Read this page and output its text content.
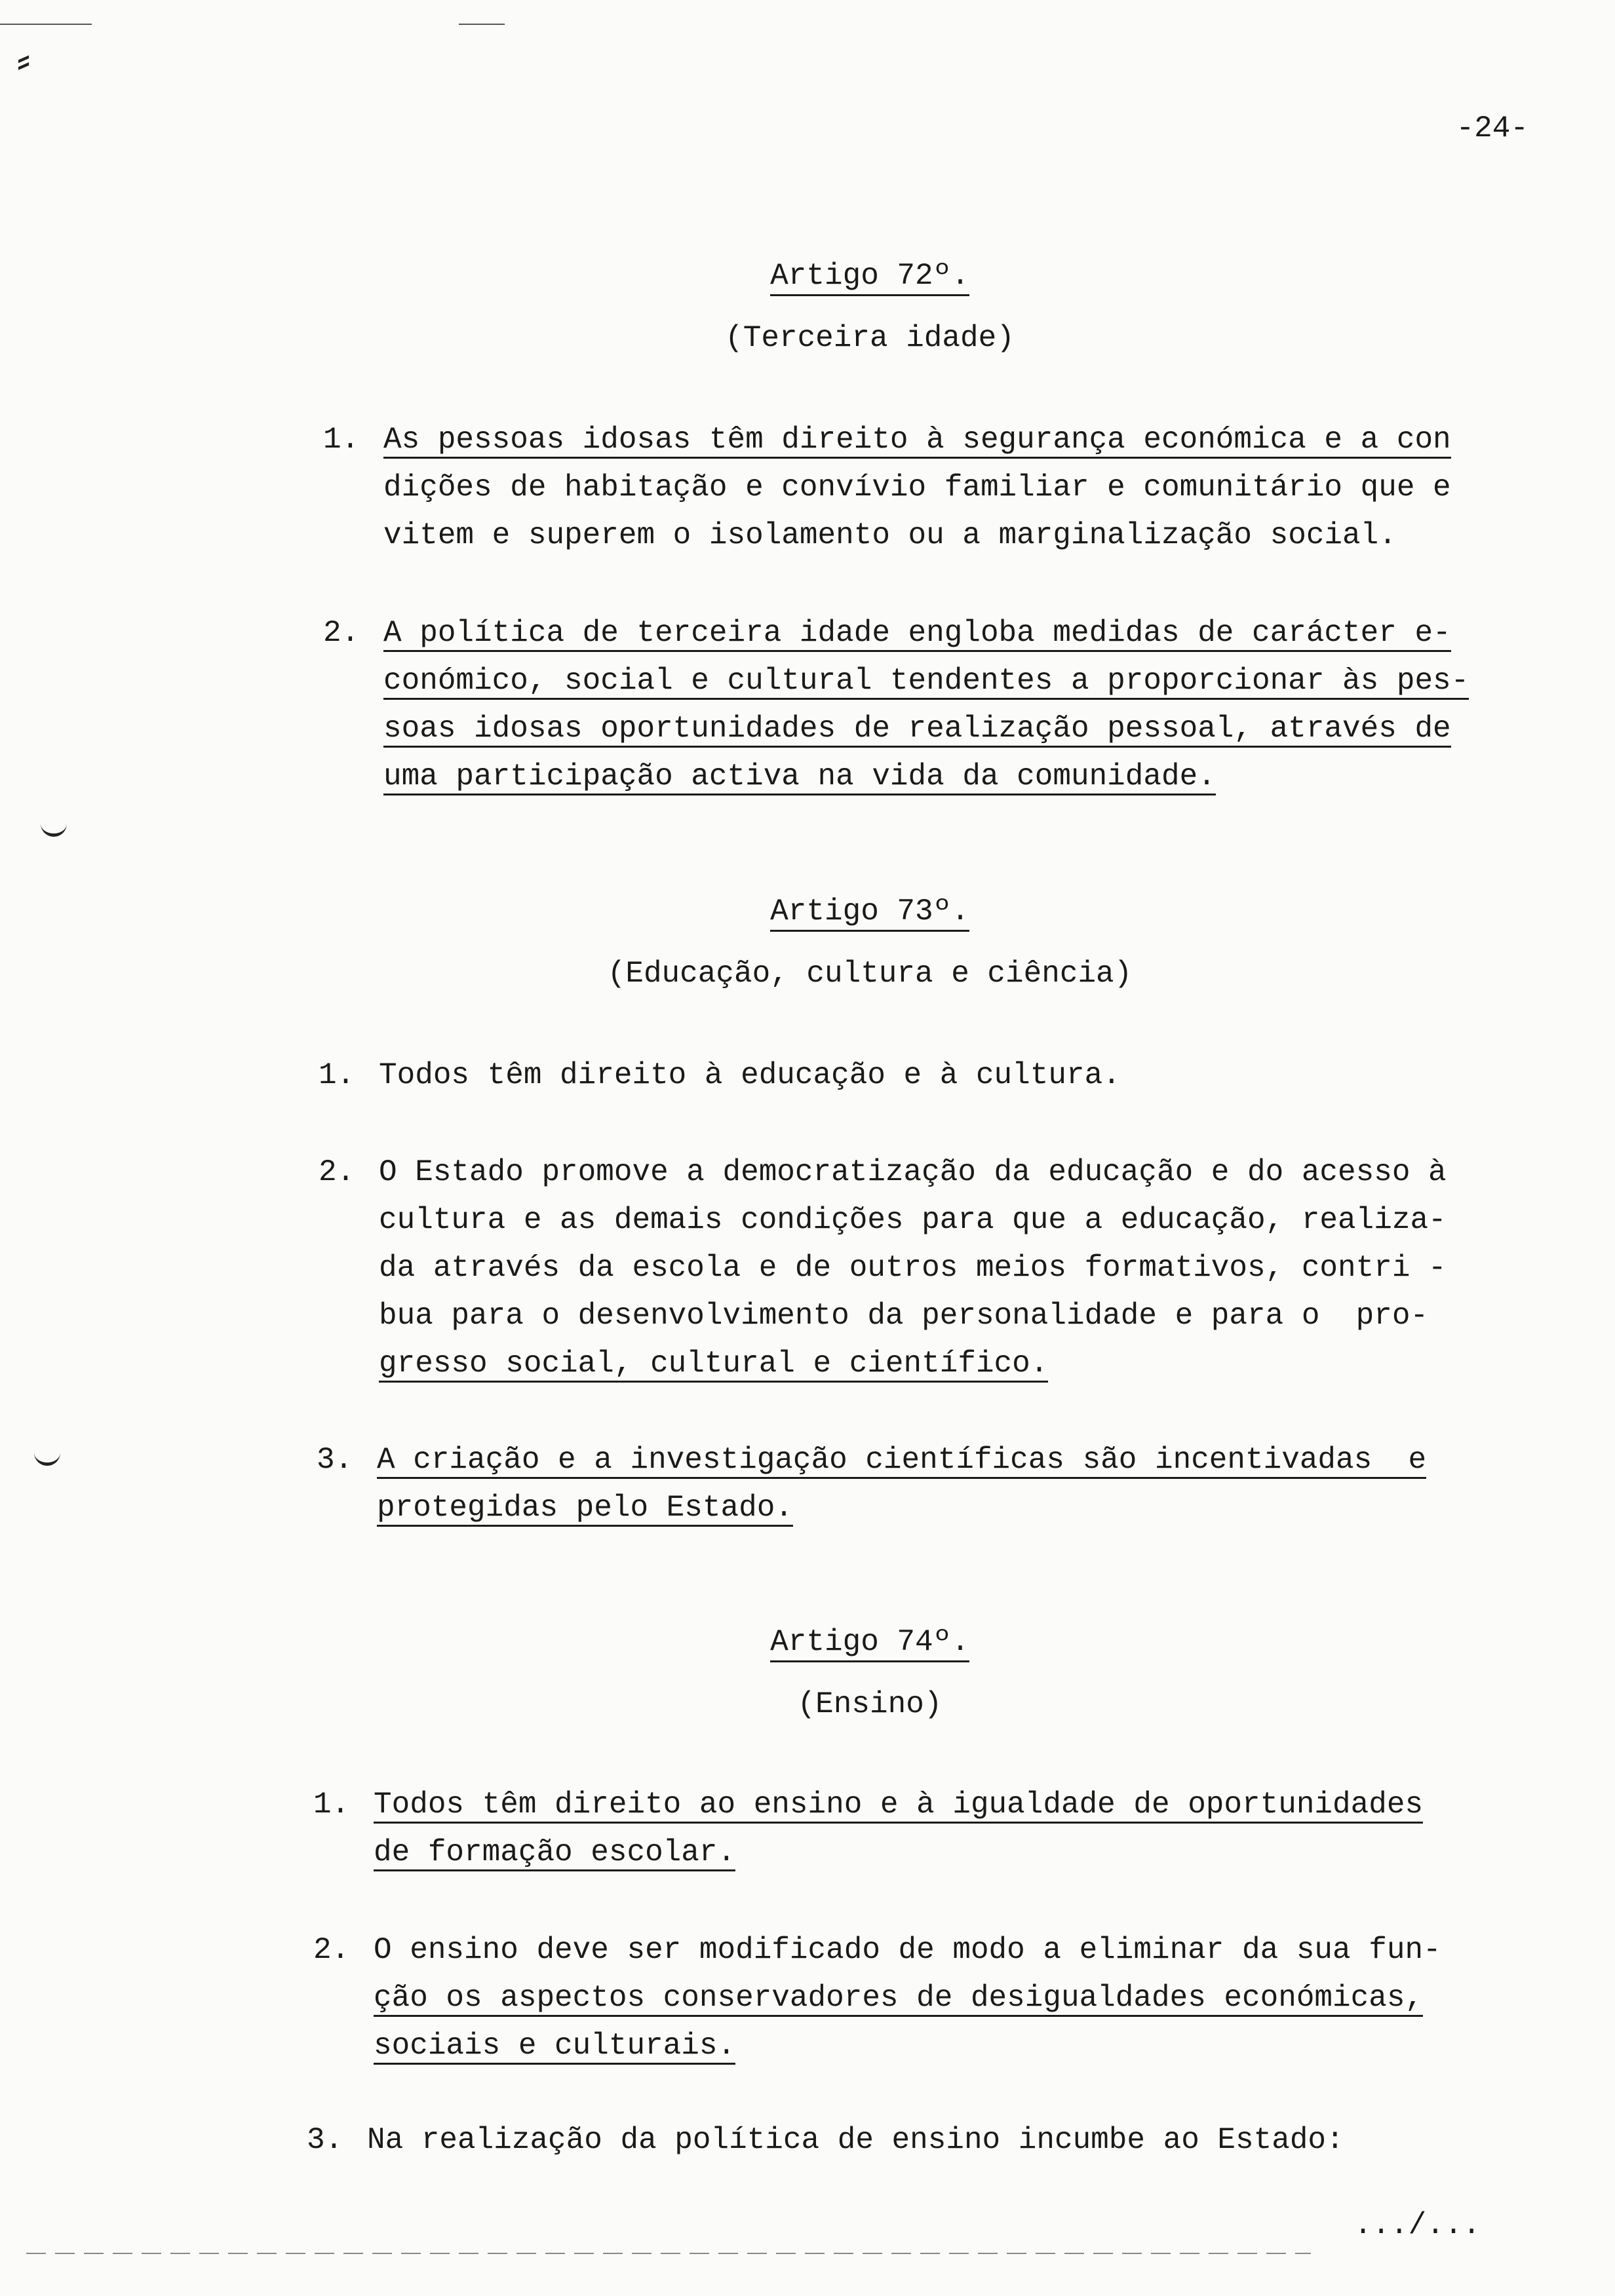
⸗
-24-
Artigo 72º.
(Terceira idade)
1. As pessoas idosas têm direito à segurança económica e a con
dições de habitação e convívio familiar e comunitário que e
vitem e superem o isolamento ou a marginalização social.
2. A política de terceira idade engloba medidas de carácter e-
conómico, social e cultural tendentes a proporcionar às pes-
soas idosas oportunidades de realização pessoal, através de
uma participação activa na vida da comunidade.
Artigo 73º.
(Educação, cultura e ciência)
1. Todos têm direito à educação e à cultura.
2. O Estado promove a democratização da educação e do acesso à
cultura e as demais condições para que a educação, realiza-
da através da escola e de outros meios formativos, contri -
bua para o desenvolvimento da personalidade e para o  pro-
gresso social, cultural e científico.
3. A criação e a investigação científicas são incentivadas  e
protegidas pelo Estado.
Artigo 74º.
(Ensino)
1. Todos têm direito ao ensino e à igualdade de oportunidades
de formação escolar.
2. O ensino deve ser modificado de modo a eliminar da sua fun-
ção os aspectos conservadores de desigualdades económicas,
sociais e culturais.
3. Na realização da política de ensino incumbe ao Estado:
.../...
